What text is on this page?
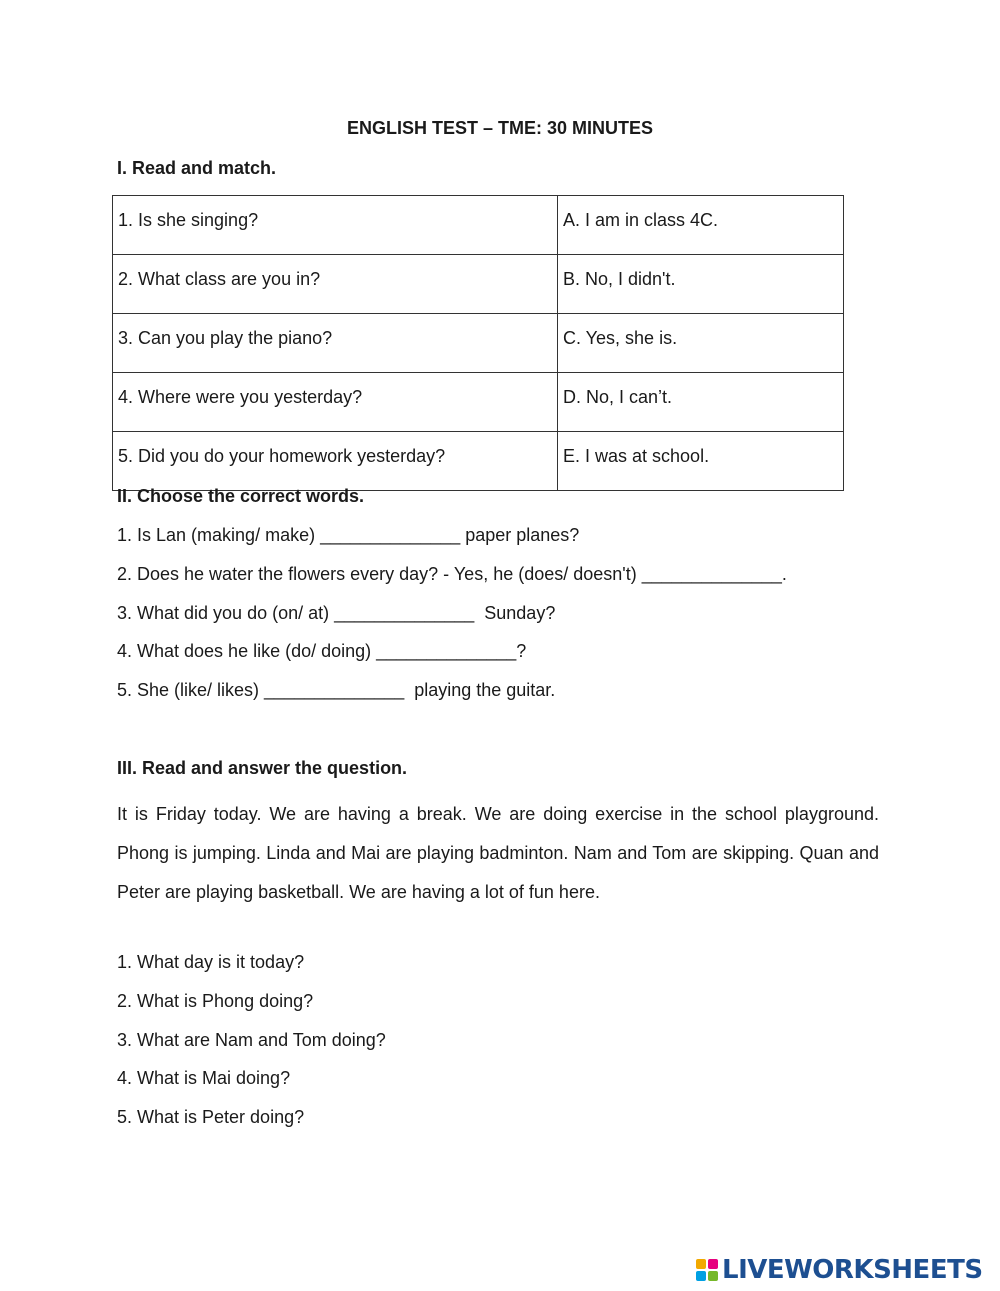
ENGLISH TEST – TME: 30 MINUTES
I. Read and match.
1. Is she singing?	A. I am in class 4C.
2. What class are you in?	B. No, I didn't.
3. Can you play the piano?	C. Yes, she is.
4. Where were you yesterday?	D. No, I can’t.
5. Did you do your homework yesterday?	E. I was at school.
II. Choose the correct words.
1. Is Lan (making/ make) ______________ paper planes?
2. Does he water the flowers every day? - Yes, he (does/ doesn't) ______________.
3. What did you do (on/ at) ______________  Sunday?
4. What does he like (do/ doing) ______________?
5. She (like/ likes) ______________  playing the guitar.
III. Read and answer the question.
It is Friday today. We are having a break. We are doing exercise in the school playground. Phong is jumping. Linda and Mai are playing badminton. Nam and Tom are skipping. Quan and Peter are playing basketball. We are having a lot of fun here.
1. What day is it today?
2. What is Phong doing?
3. What are Nam and Tom doing?
4. What is Mai doing?
5. What is Peter doing?
LIVEWORKSHEETS
